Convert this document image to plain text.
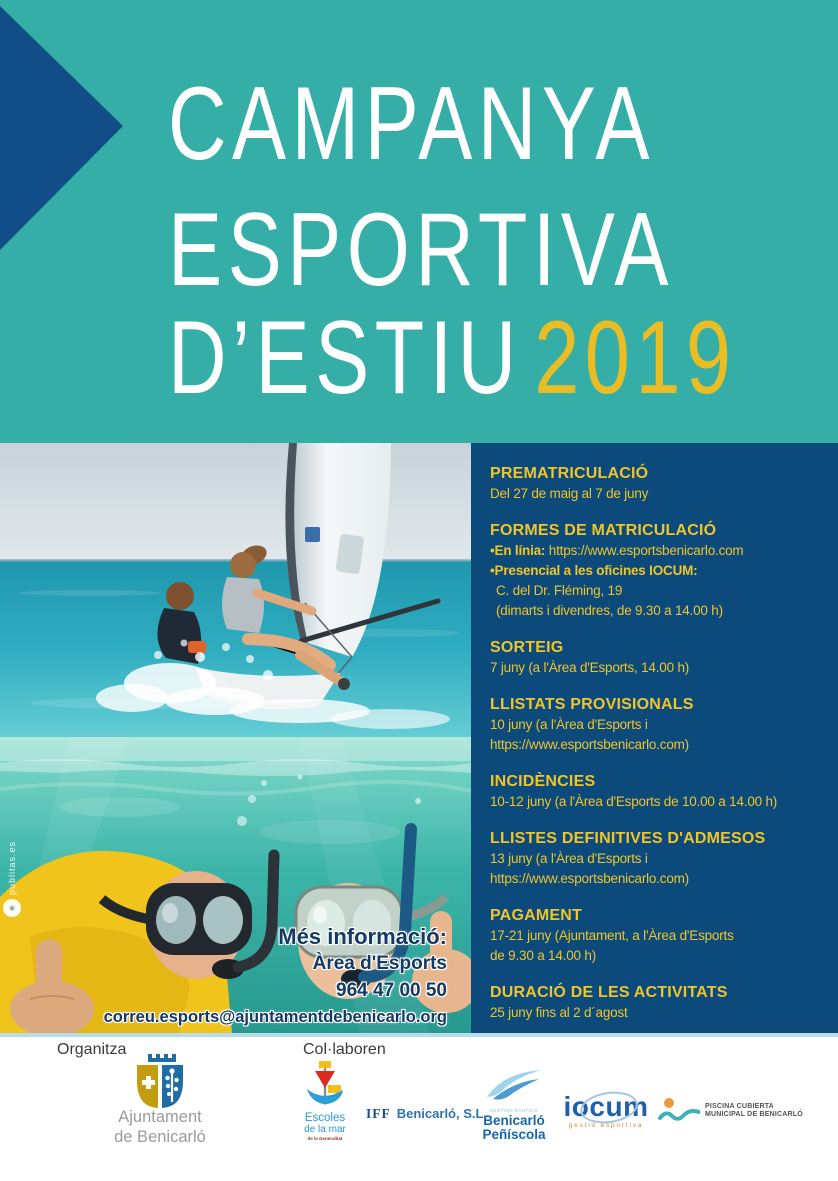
CAMPANYA
ESPORTIVA
D’ESTIU 2019
publitas.es
◉
Més informació:
Àrea d'Esports
964 47 00 50
correu.esports@ajuntamentdebenicarlo.org
PREMATRICULACIÓ

Del 27 de maig al 7 de juny

FORMES DE MATRICULACIÓ

•En línia: https://www.esportsbenicarlo.com

•Presencial a les oficines IOCUM:

C. del Dr. Fléming, 19

(dimarts i divendres, de 9.30 a 14.00 h)

SORTEIG

7 juny (a l'Àrea d'Esports, 14.00 h)

LLISTATS PROVISIONALS

10 juny (a l'Àrea d'Esports i

https://www.esportsbenicarlo.com)

INCIDÈNCIES

10-12 juny (a l'Àrea d'Esports de 10.00 a 14.00 h)

LLISTES DEFINITIVES D'ADMESOS

13 juny (a l'Àrea d'Esports i

https://www.esportsbenicarlo.com)

PAGAMENT

17-21 juny (Ajuntament, a l'Àrea d'Esports

de 9.30 a 14.00 h)

DURACIÓ DE LES ACTIVITATS

25 juny fins al 2 d´agost

Organitza	Col·laboren
Ajuntament
de Benicarló
Escoles
de la mar
de la Generalitat
IFF Benicarló, S.L. DESTINO NÁUTICO
Benicarló
Peñíscola
iocum
gestió esportiva
PISCINA CUBIERTA
MUNICIPAL DE BENICARLÓ
